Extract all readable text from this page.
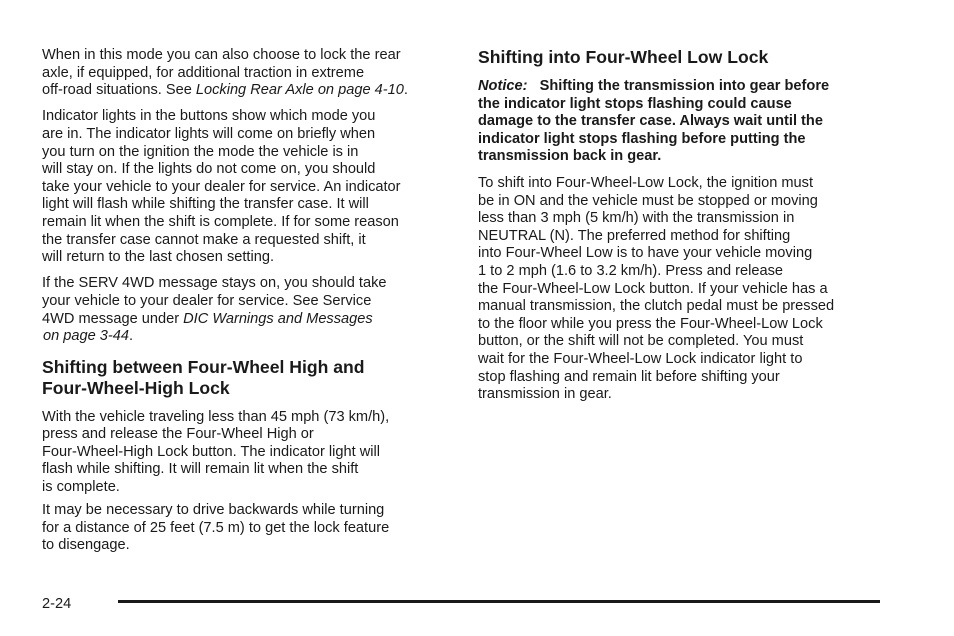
When in this mode you can also choose to lock the rear
axle, if equipped, for additional traction in extreme
off-road situations. See Locking Rear Axle on page 4-10.
Indicator lights in the buttons show which mode you
are in. The indicator lights will come on briefly when
you turn on the ignition the mode the vehicle is in
will stay on. If the lights do not come on, you should
take your vehicle to your dealer for service. An indicator
light will flash while shifting the transfer case. It will
remain lit when the shift is complete. If for some reason
the transfer case cannot make a requested shift, it
will return to the last chosen setting.
If the SERV 4WD message stays on, you should take
your vehicle to your dealer for service. See Service
4WD message under DIC Warnings and Messages
on page 3-44.
Shifting between Four-Wheel High and
Four-Wheel-High Lock
With the vehicle traveling less than 45 mph (73 km/h),
press and release the Four-Wheel High or
Four-Wheel-High Lock button. The indicator light will
flash while shifting. It will remain lit when the shift
is complete.
It may be necessary to drive backwards while turning
for a distance of 25 feet (7.5 m) to get the lock feature
to disengage.
Shifting into Four-Wheel Low Lock
Notice: Shifting the transmission into gear before
the indicator light stops flashing could cause
damage to the transfer case. Always wait until the
indicator light stops flashing before putting the
transmission back in gear.
To shift into Four-Wheel-Low Lock, the ignition must
be in ON and the vehicle must be stopped or moving
less than 3 mph (5 km/h) with the transmission in
NEUTRAL (N). The preferred method for shifting
into Four-Wheel Low is to have your vehicle moving
1 to 2 mph (1.6 to 3.2 km/h). Press and release
the Four-Wheel-Low Lock button. If your vehicle has a
manual transmission, the clutch pedal must be pressed
to the floor while you press the Four-Wheel-Low Lock
button, or the shift will not be completed. You must
wait for the Four-Wheel-Low Lock indicator light to
stop flashing and remain lit before shifting your
transmission in gear.
2-24
